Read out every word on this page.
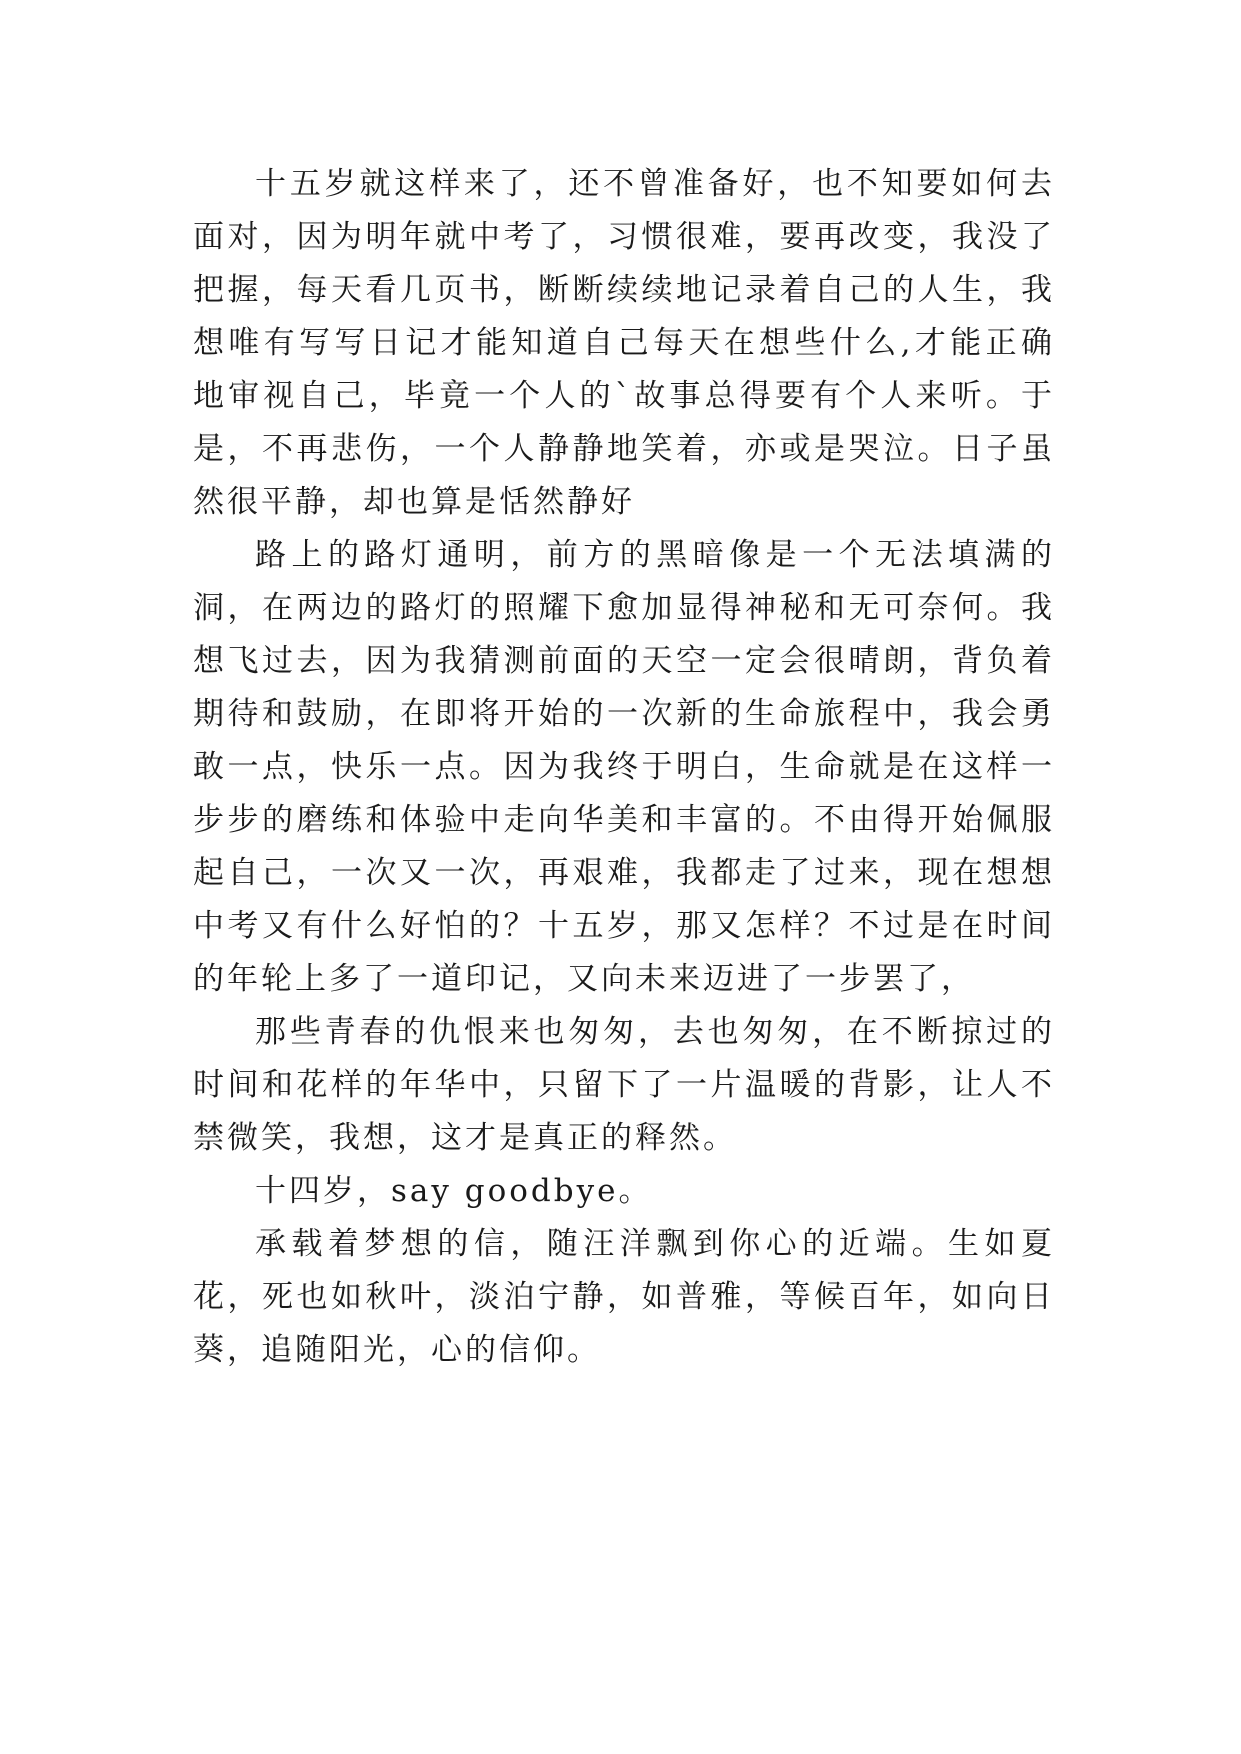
十五岁就这样来了，还不曾准备好，也不知要如何去面对，因为明年就中考了，习惯很难，要再改变，我没了把握，每天看几页书，断断续续地记录着自己的人生，我想唯有写写日记才能知道自己每天在想些什么,才能正确地审视自己，毕竟一个人的`故事总得要有个人来听。于是，不再悲伤，一个人静静地笑着，亦或是哭泣。日子虽然很平静，却也算是恬然静好

路上的路灯通明，前方的黑暗像是一个无法填满的洞，在两边的路灯的照耀下愈加显得神秘和无可奈何。我想飞过去，因为我猜测前面的天空一定会很晴朗，背负着期待和鼓励，在即将开始的一次新的生命旅程中，我会勇敢一点，快乐一点。因为我终于明白，生命就是在这样一步步的磨练和体验中走向华美和丰富的。不由得开始佩服起自己，一次又一次，再艰难，我都走了过来，现在想想中考又有什么好怕的？十五岁，那又怎样？不过是在时间的年轮上多了一道印记，又向未来迈进了一步罢了，

那些青春的仇恨来也匆匆，去也匆匆，在不断掠过的时间和花样的年华中，只留下了一片温暖的背影，让人不禁微笑，我想，这才是真正的释然。

十四岁，say goodbye。

承载着梦想的信，随汪洋飘到你心的近端。生如夏花，死也如秋叶，淡泊宁静，如普雅，等候百年，如向日葵，追随阳光，心的信仰。
